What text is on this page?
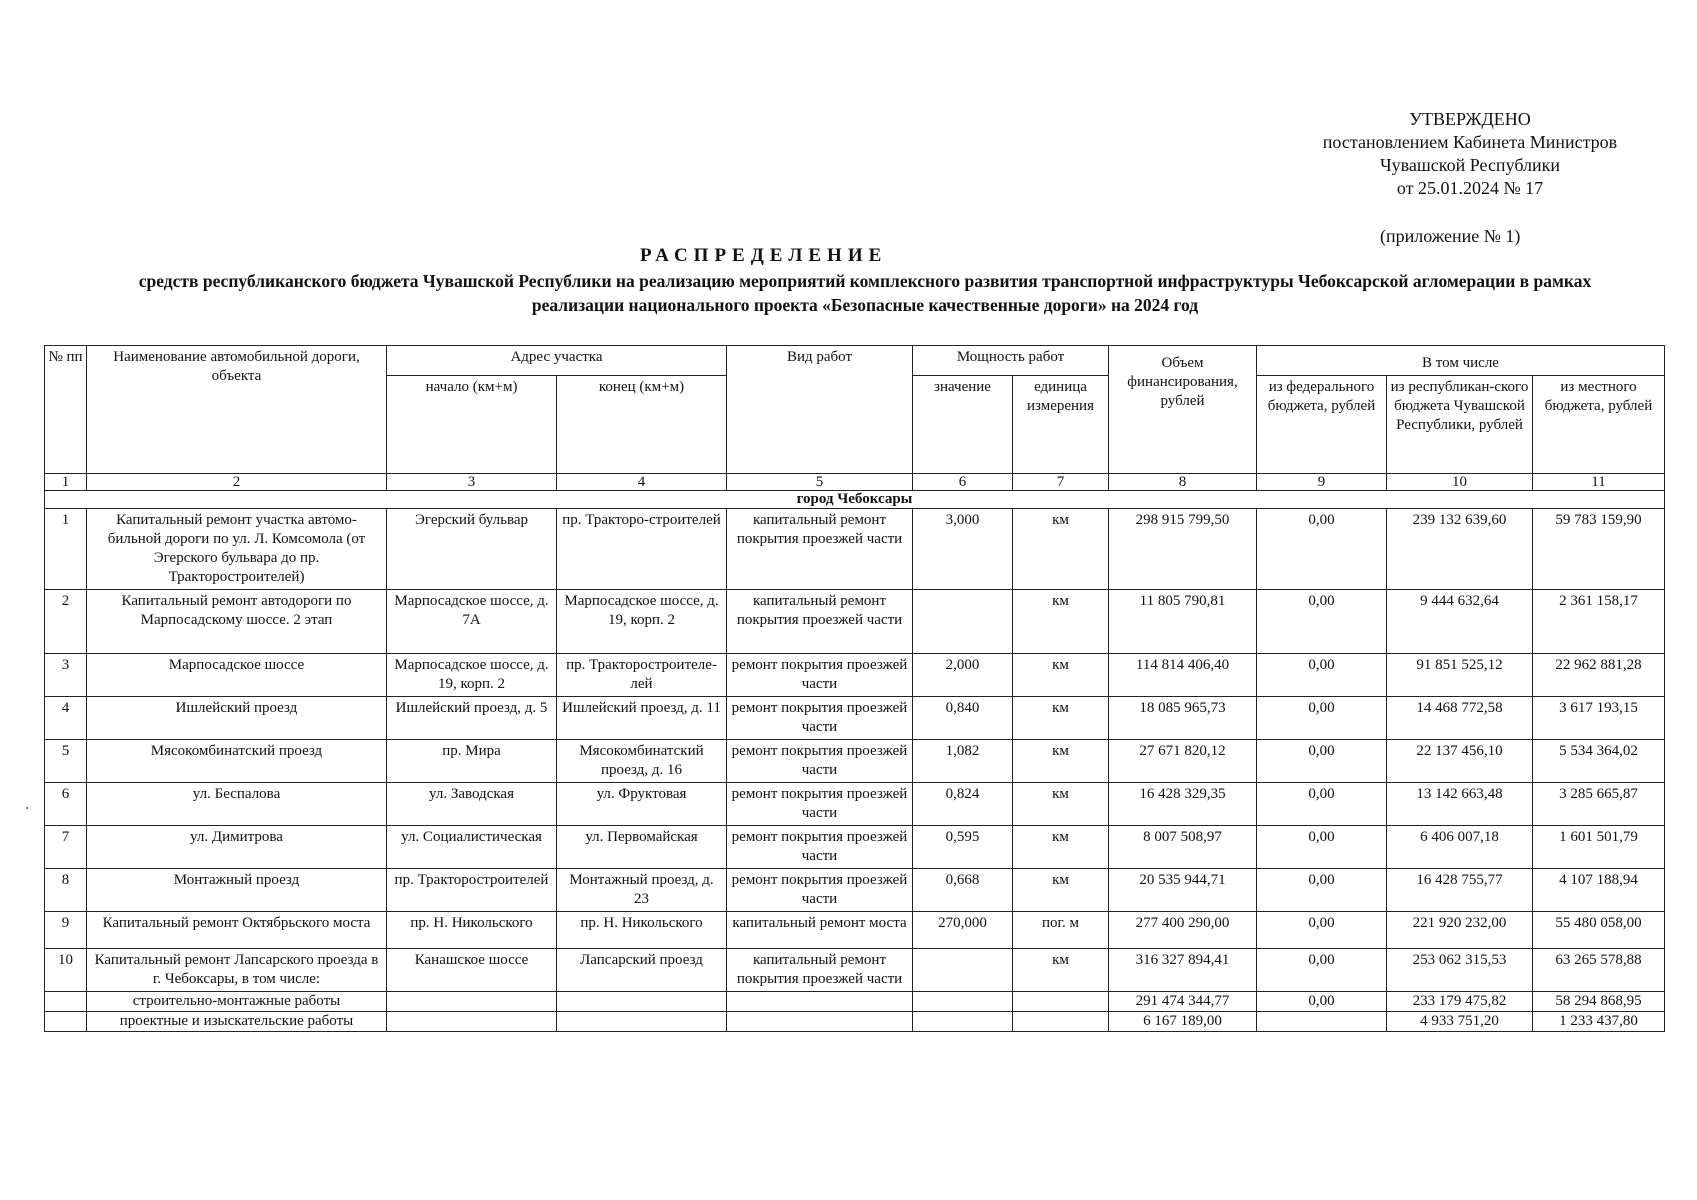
УТВЕРЖДЕНО
постановлением Кабинета Министров
Чувашской Республики
от 25.01.2024 № 17
(приложение № 1)
РАСПРЕДЕЛЕНИЕ
средств республиканского бюджета Чувашской Республики на реализацию мероприятий комплексного развития транспортной инфраструктуры Чебоксарской агломерации в рамках
реализации национального проекта «Безопасные качественные дороги» на 2024 год
№ пп	Наименование автомобильной дороги, объекта	Адрес участка		Вид работ	Мощность работ		Объем финансирования, рублей	В том числе		
		начало (км+м)	конец (км+м)		значение	единица измерения		из федерального бюджета, рублей	из республикан-ского бюджета Чувашской Республики, рублей	из местного бюджета, рублей
1	2	3	4	5	6	7	8	9	10	11
город Чебоксары										
1	Капитальный ремонт участка автомо-бильной дороги по ул. Л. Комсомола (от Эгерского бульвара до пр. Тракторостроителей)	Эгерский бульвар	пр. Тракторо-строителей	капитальный ремонт покрытия проезжей части	3,000	км	298 915 799,50	0,00	239 132 639,60	59 783 159,90
2	Капитальный ремонт автодороги по Марпосадскому шоссе. 2 этап	Марпосадское шоссе, д. 7А	Марпосадское шоссе, д. 19, корп. 2	капитальный ремонт покрытия проезжей части		км	11 805 790,81	0,00	9 444 632,64	2 361 158,17
3	Марпосадское шоссе	Марпосадское шоссе, д. 19, корп. 2	пр. Тракторостроителе-лей	ремонт покрытия проезжей части	2,000	км	114 814 406,40	0,00	91 851 525,12	22 962 881,28
4	Ишлейский проезд	Ишлейский проезд, д. 5	Ишлейский проезд, д. 11	ремонт покрытия проезжей части	0,840	км	18 085 965,73	0,00	14 468 772,58	3 617 193,15
5	Мясокомбинатский проезд	пр. Мира	Мясокомбинатский проезд, д. 16	ремонт покрытия проезжей части	1,082	км	27 671 820,12	0,00	22 137 456,10	5 534 364,02
6	ул. Беспалова	ул. Заводская	ул. Фруктовая	ремонт покрытия проезжей части	0,824	км	16 428 329,35	0,00	13 142 663,48	3 285 665,87
7	ул. Димитрова	ул. Социалистическая	ул. Первомайская	ремонт покрытия проезжей части	0,595	км	8 007 508,97	0,00	6 406 007,18	1 601 501,79
8	Монтажный проезд	пр. Тракторостроителей	Монтажный проезд, д. 23	ремонт покрытия проезжей части	0,668	км	20 535 944,71	0,00	16 428 755,77	4 107 188,94
9	Капитальный ремонт Октябрьского моста	пр. Н. Никольского	пр. Н. Никольского	капитальный ремонт моста	270,000	пог. м	277 400 290,00	0,00	221 920 232,00	55 480 058,00
10	Капитальный ремонт Лапсарского проезда в г. Чебоксары, в том числе:	Канашское шоссе	Лапсарский проезд	капитальный ремонт покрытия проезжей части		км	316 327 894,41	0,00	253 062 315,53	63 265 578,88
	строительно-монтажные работы						291 474 344,77	0,00	233 179 475,82	58 294 868,95
	проектные и изыскательские работы						6 167 189,00		4 933 751,20	1 233 437,80
